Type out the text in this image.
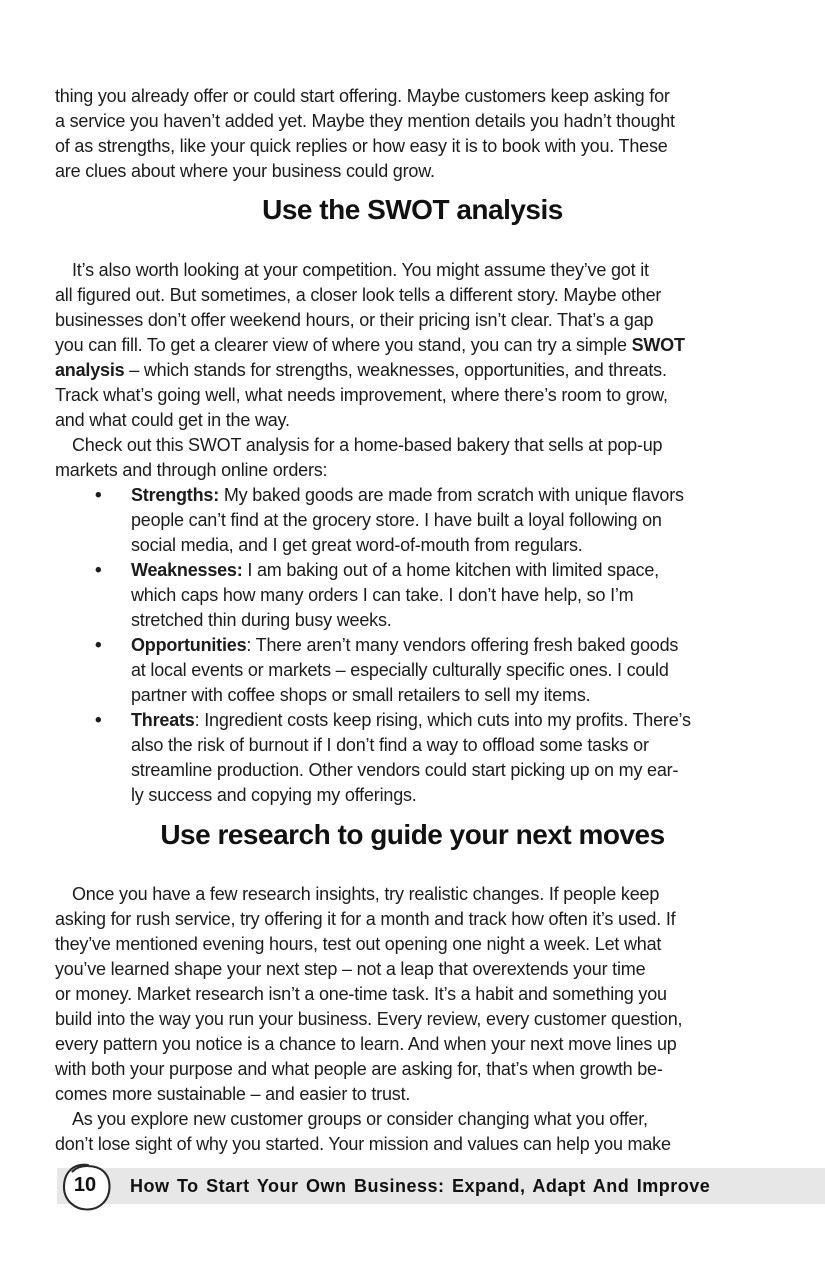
thing you already offer or could start offering. Maybe customers keep asking for
a service you haven’t added yet. Maybe they mention details you hadn’t thought
of as strengths, like your quick replies or how easy it is to book with you. These
are clues about where your business could grow.

Use the SWOT analysis

It’s also worth looking at your competition. You might assume they’ve got it
all figured out. But sometimes, a closer look tells a different story. Maybe other
businesses don’t offer weekend hours, or their pricing isn’t clear. That’s a gap
you can fill. To get a clearer view of where you stand, you can try a simple SWOT
analysis – which stands for strengths, weaknesses, opportunities, and threats.
Track what’s going well, what needs improvement, where there’s room to grow,
and what could get in the way.

Check out this SWOT analysis for a home-based bakery that sells at pop-up
markets and through online orders:

• Strengths: My baked goods are made from scratch with unique flavors
people can’t find at the grocery store. I have built a loyal following on
social media, and I get great word-of-mouth from regulars.
• Weaknesses: I am baking out of a home kitchen with limited space,
which caps how many orders I can take. I don’t have help, so I’m
stretched thin during busy weeks.
• Opportunities: There aren’t many vendors offering fresh baked goods
at local events or markets – especially culturally specific ones. I could
partner with coffee shops or small retailers to sell my items.
• Threats: Ingredient costs keep rising, which cuts into my profits. There’s
also the risk of burnout if I don’t find a way to offload some tasks or
streamline production. Other vendors could start picking up on my ear-
ly success and copying my offerings.
Use research to guide your next moves

Once you have a few research insights, try realistic changes. If people keep
asking for rush service, try offering it for a month and track how often it’s used. If
they’ve mentioned evening hours, test out opening one night a week. Let what
you’ve learned shape your next step – not a leap that overextends your time
or money. Market research isn’t a one-time task. It’s a habit and something you
build into the way you run your business. Every review, every customer question,
every pattern you notice is a chance to learn. And when your next move lines up
with both your purpose and what people are asking for, that’s when growth be-
comes more sustainable – and easier to trust.

As you explore new customer groups or consider changing what you offer,
don’t lose sight of why you started. Your mission and values can help you make

How To Start Your Own Business: Expand, Adapt And Improve

10
